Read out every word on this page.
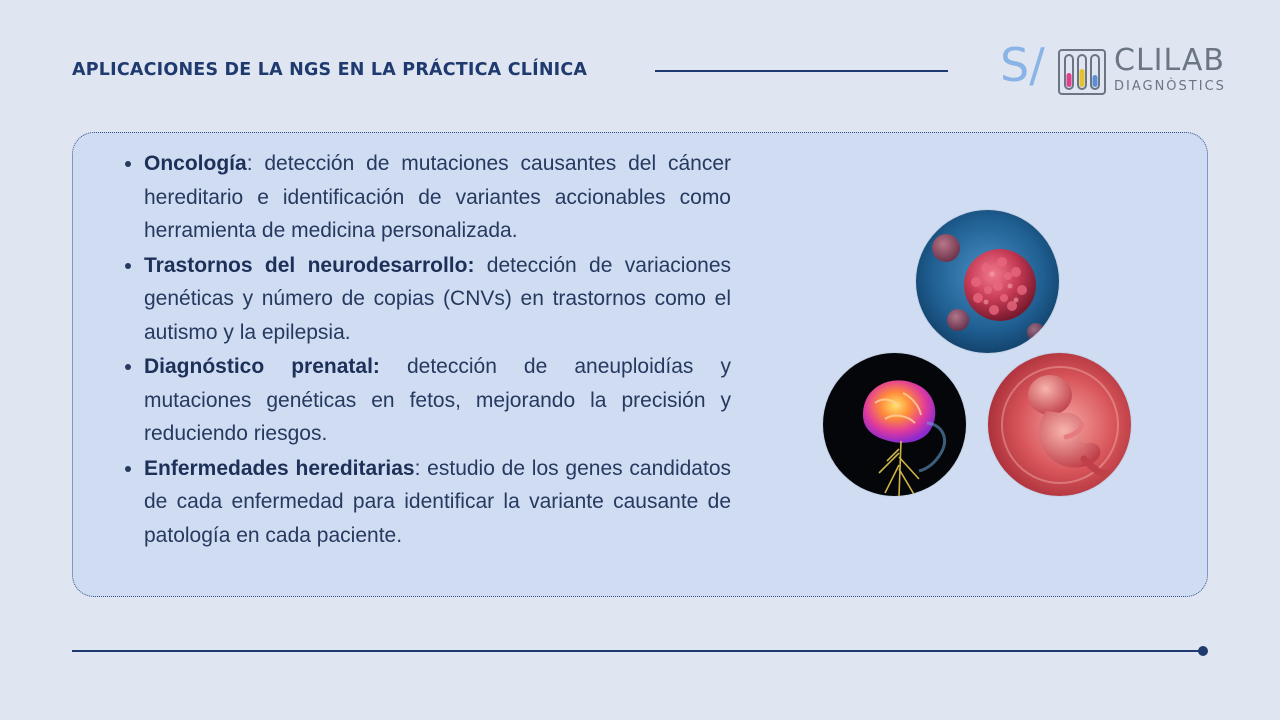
APLICACIONES DE LA NGS EN LA PRÁCTICA CLÍNICA	S/ CLILAB
DIAGNÒSTICS
Oncología: detección de mutaciones causantes del cáncer hereditario e identificación de variantes accionables como herramienta de medicina personalizada.
Trastornos del neurodesarrollo: detección de variaciones genéticas y número de copias (CNVs) en trastornos como el autismo y la epilepsia.
Diagnóstico prenatal: detección de aneuploidías y mutaciones genéticas en fetos, mejorando la precisión y reduciendo riesgos.
Enfermedades hereditarias: estudio de los genes candidatos de cada enfermedad para identificar la variante causante de patología en cada paciente.
